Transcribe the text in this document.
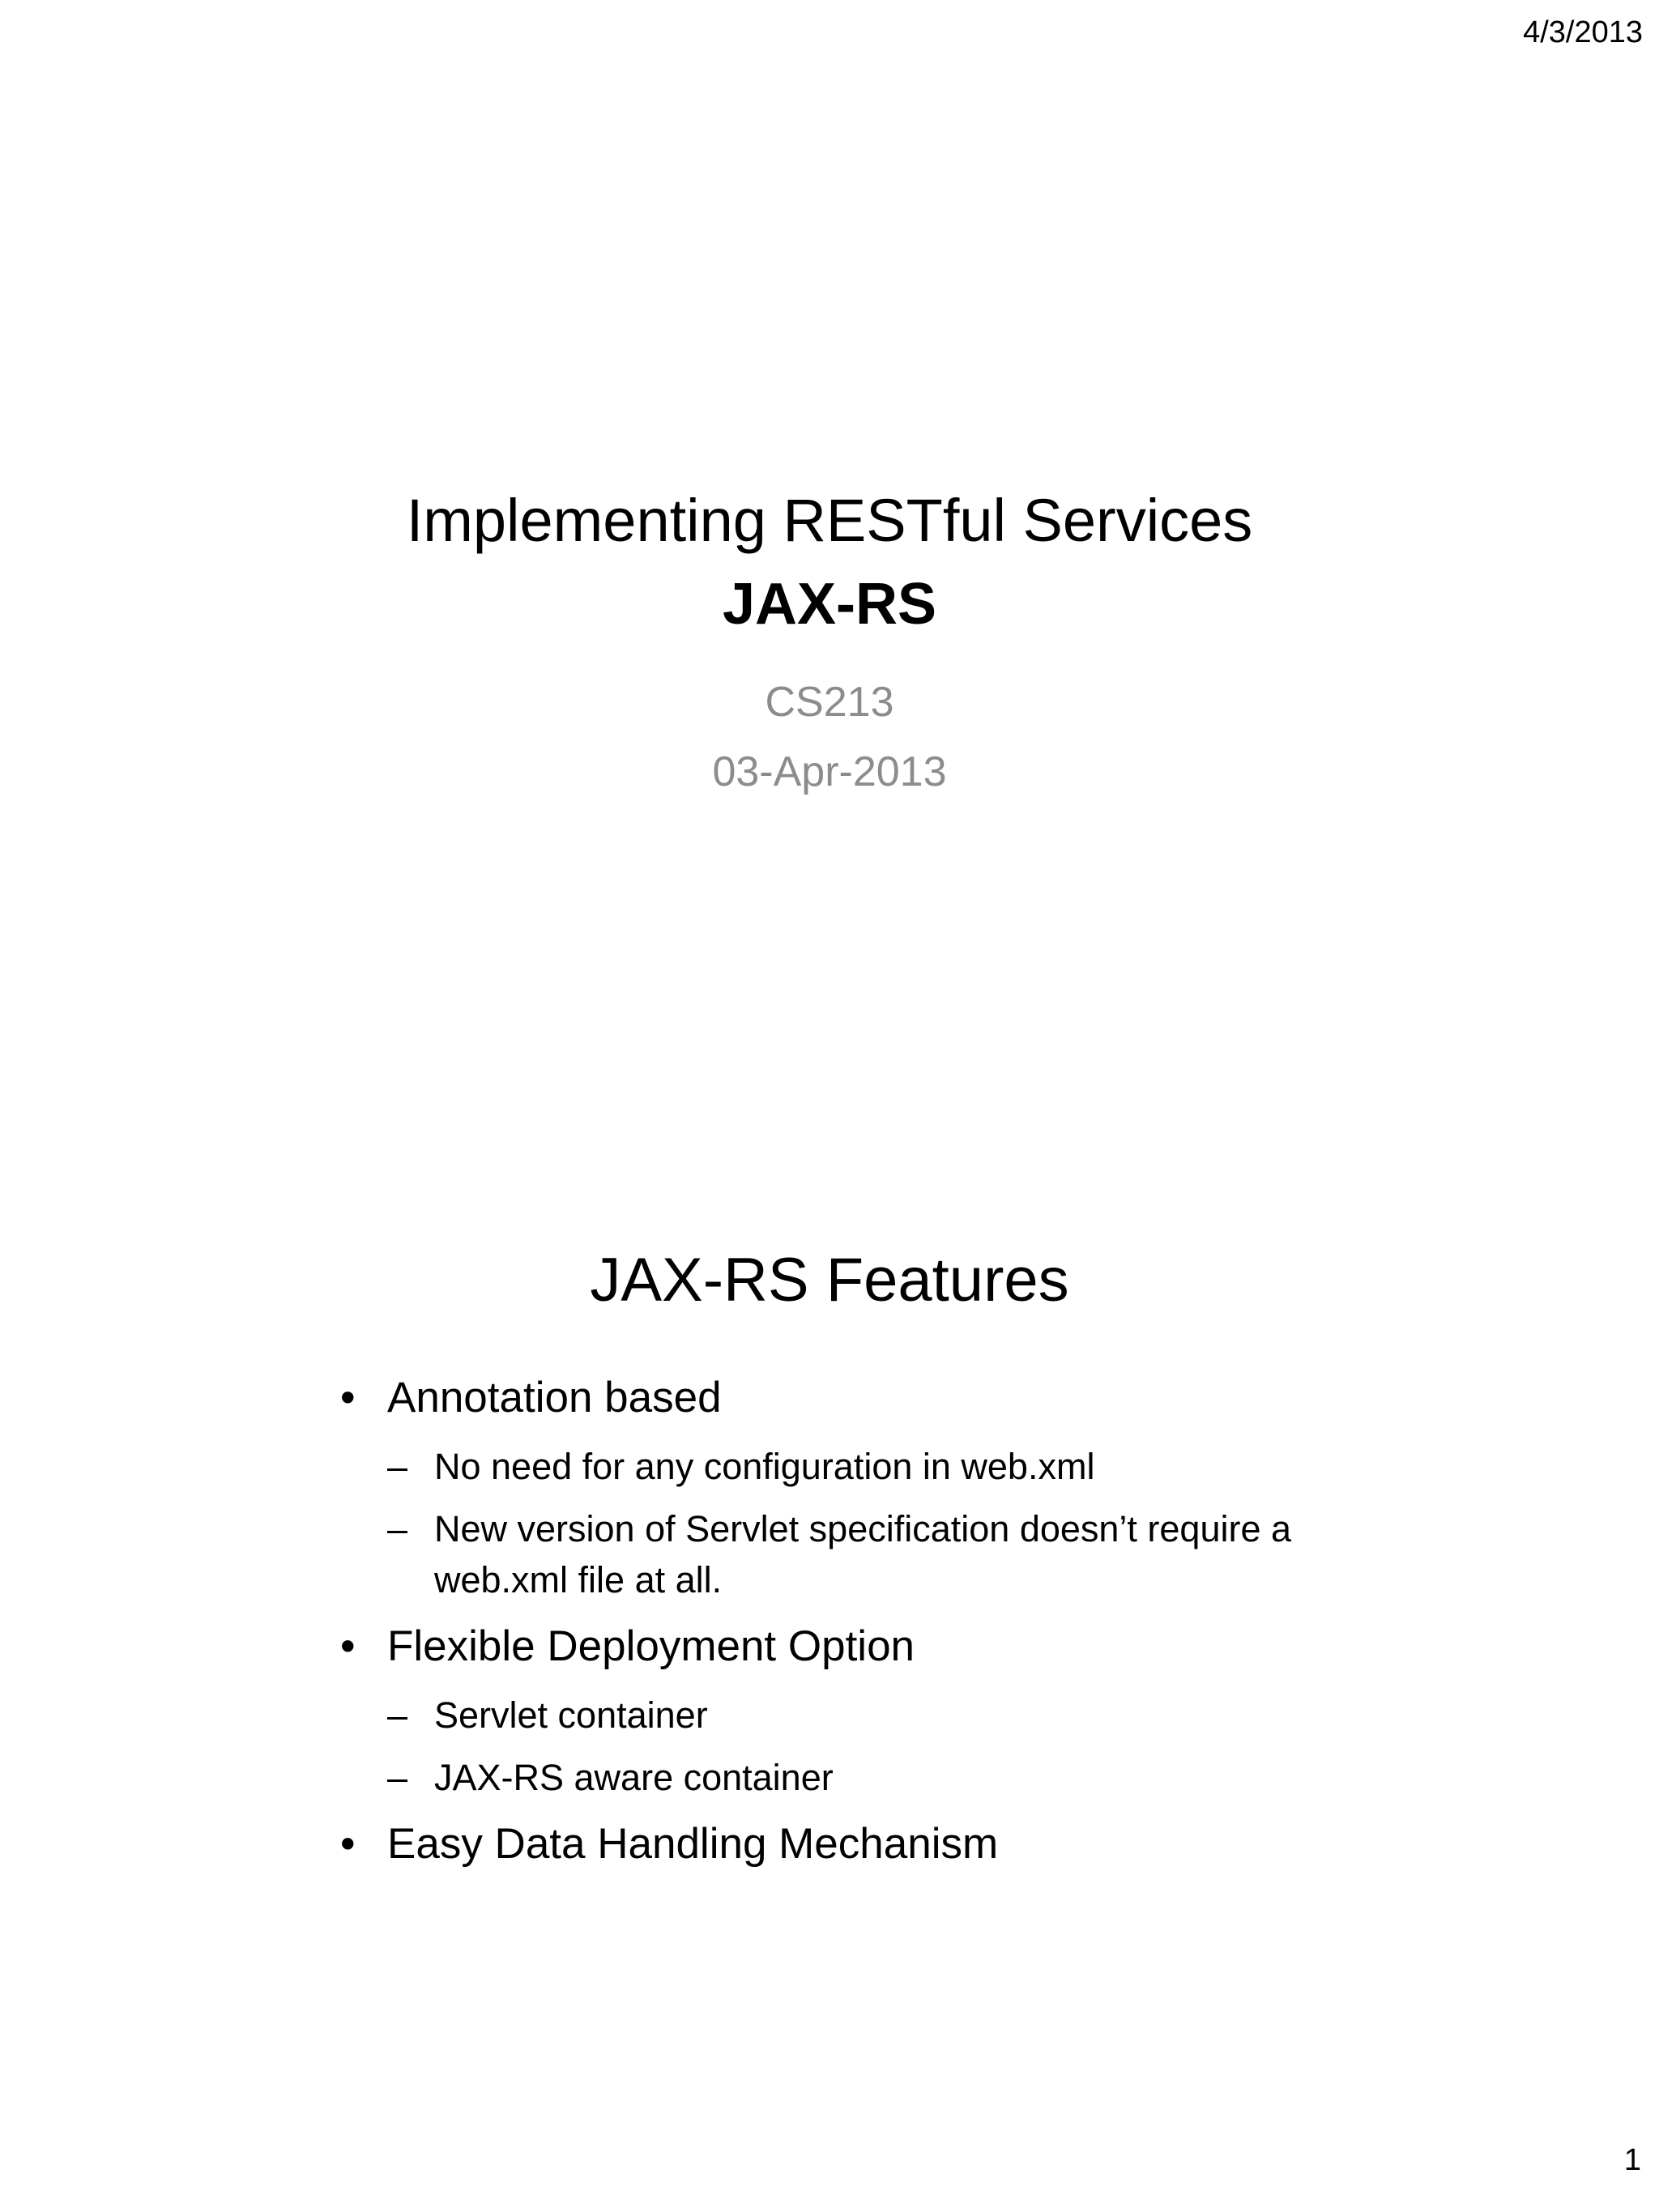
4/3/2013
Implementing RESTful Services
JAX-RS

CS213

03-Apr-2013

JAX-RS Features
• Annotation based
– No need for any configuration in web.xml
– New version of Servlet specification doesn’t require a web.xml file at all.
• Flexible Deployment Option
– Servlet container
– JAX-RS aware container
• Easy Data Handling Mechanism
1
